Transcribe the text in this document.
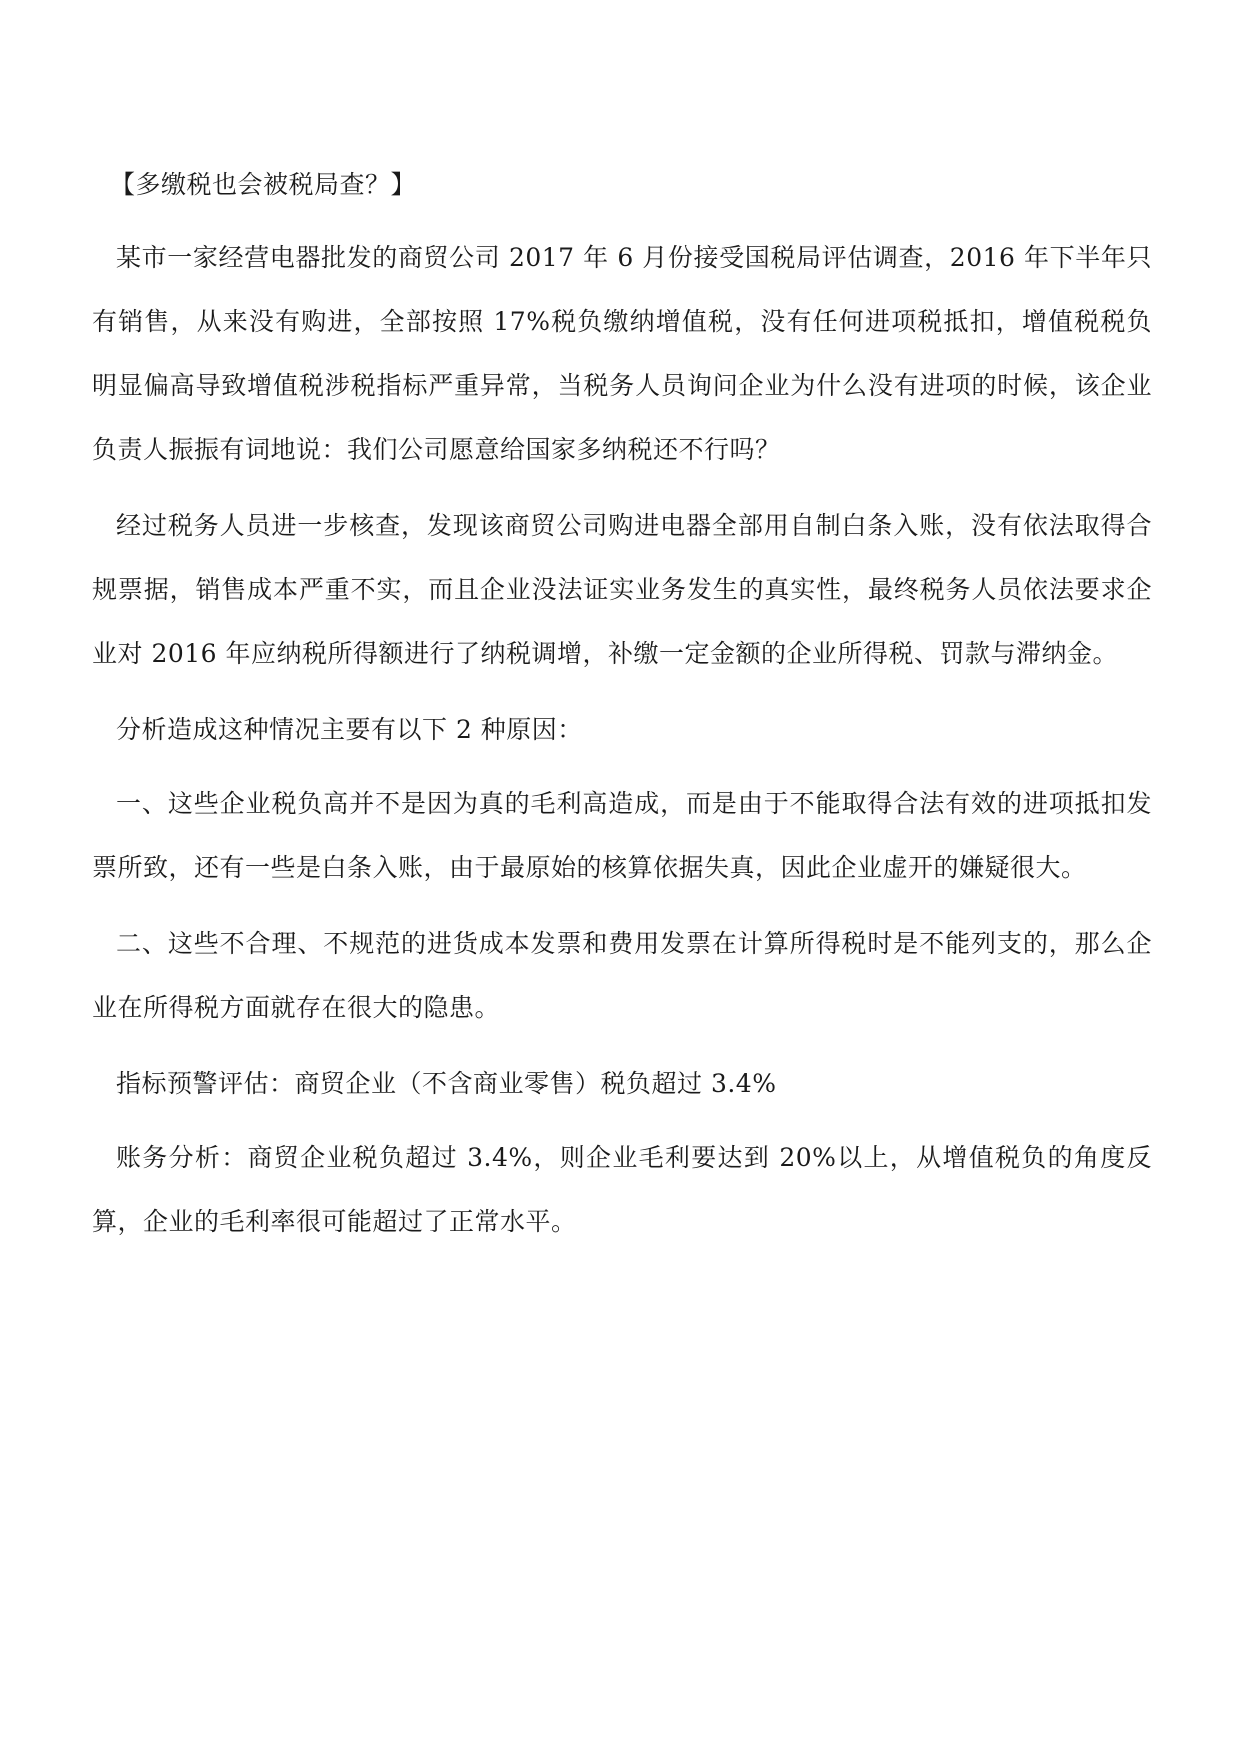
【多缴税也会被税局查？】

某市一家经营电器批发的商贸公司 2017 年 6 月份接受国税局评估调查，2016 年下半年只有销售，从来没有购进，全部按照 17%税负缴纳增值税，没有任何进项税抵扣，增值税税负明显偏高导致增值税涉税指标严重异常，当税务人员询问企业为什么没有进项的时候，该企业负责人振振有词地说：我们公司愿意给国家多纳税还不行吗？

经过税务人员进一步核查，发现该商贸公司购进电器全部用自制白条入账，没有依法取得合规票据，销售成本严重不实，而且企业没法证实业务发生的真实性，最终税务人员依法要求企业对 2016 年应纳税所得额进行了纳税调增，补缴一定金额的企业所得税、罚款与滞纳金。

分析造成这种情况主要有以下 2 种原因：

一、这些企业税负高并不是因为真的毛利高造成，而是由于不能取得合法有效的进项抵扣发票所致，还有一些是白条入账，由于最原始的核算依据失真，因此企业虚开的嫌疑很大。

二、这些不合理、不规范的进货成本发票和费用发票在计算所得税时是不能列支的，那么企业在所得税方面就存在很大的隐患。

指标预警评估：商贸企业（不含商业零售）税负超过 3.4%

账务分析：商贸企业税负超过 3.4%，则企业毛利要达到 20%以上，从增值税负的角度反算，企业的毛利率很可能超过了正常水平。
